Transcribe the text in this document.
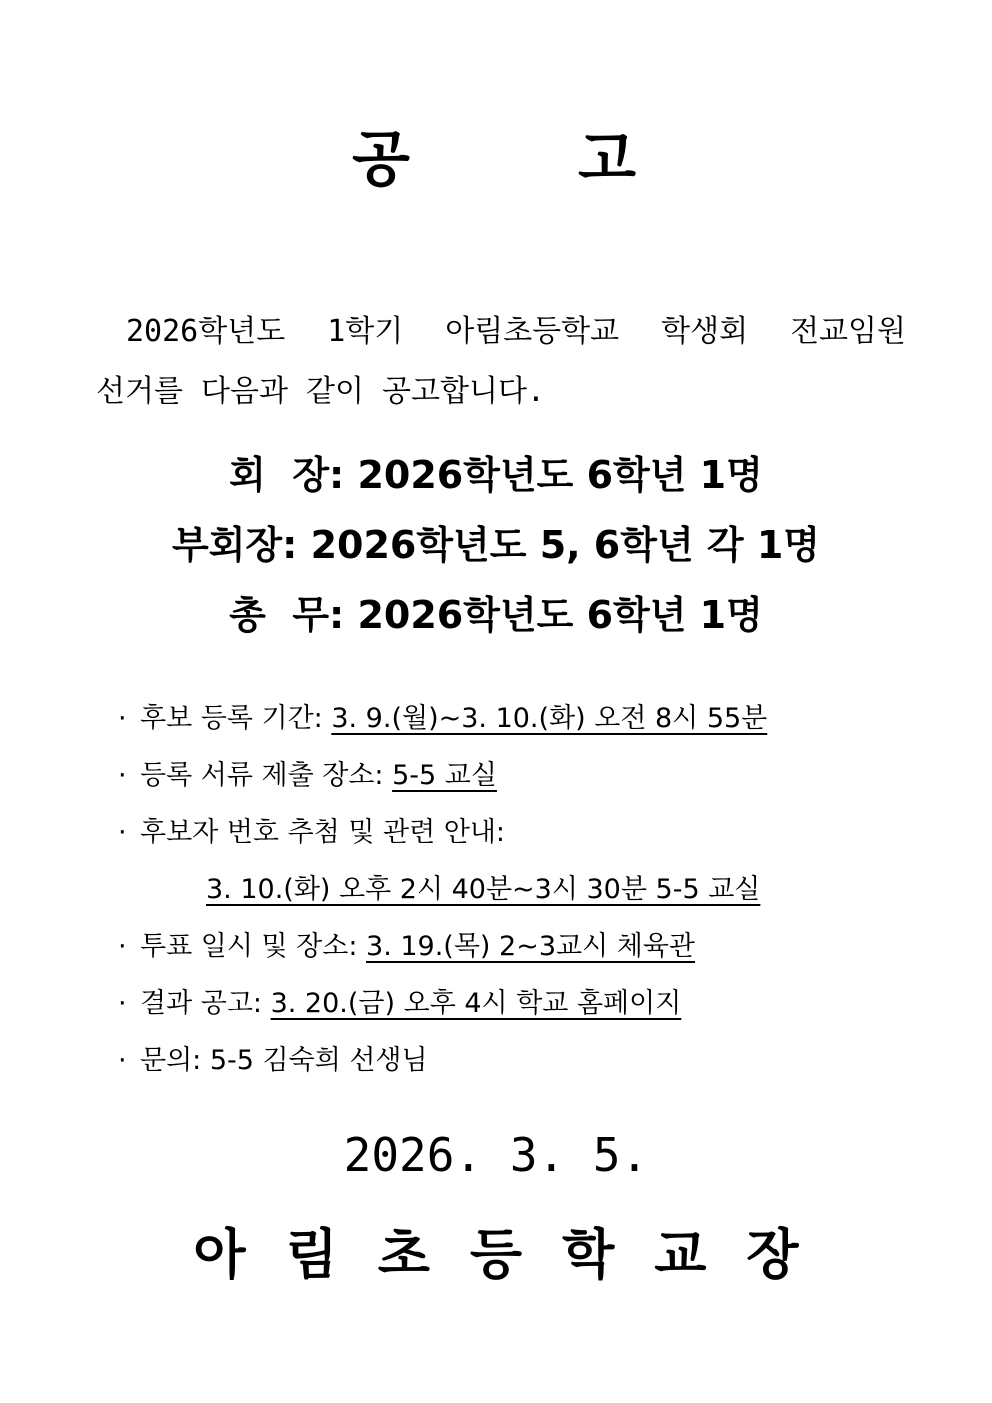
공	고

2026학년도 1학기 아림초등학교 학생회 전교임원

선거를 다음과 같이 공고합니다.

회  장: 2026학년도 6학년 1명
부회장: 2026학년도 5, 6학년 각 1명
총  무: 2026학년도 6학년 1명
· 후보 등록 기간: 3. 9.(월)~3. 10.(화) 오전 8시 55분
· 등록 서류 제출 장소: 5-5 교실
· 후보자 번호 추첨 및 관련 안내:
3. 10.(화) 오후 2시 40분~3시 30분 5-5 교실
· 투표 일시 및 장소: 3. 19.(목) 2~3교시 체육관
· 결과 공고: 3. 20.(금) 오후 4시 학교 홈페이지
· 문의: 5-5 김숙희 선생님
2026. 3. 5.
아림초등학교장
